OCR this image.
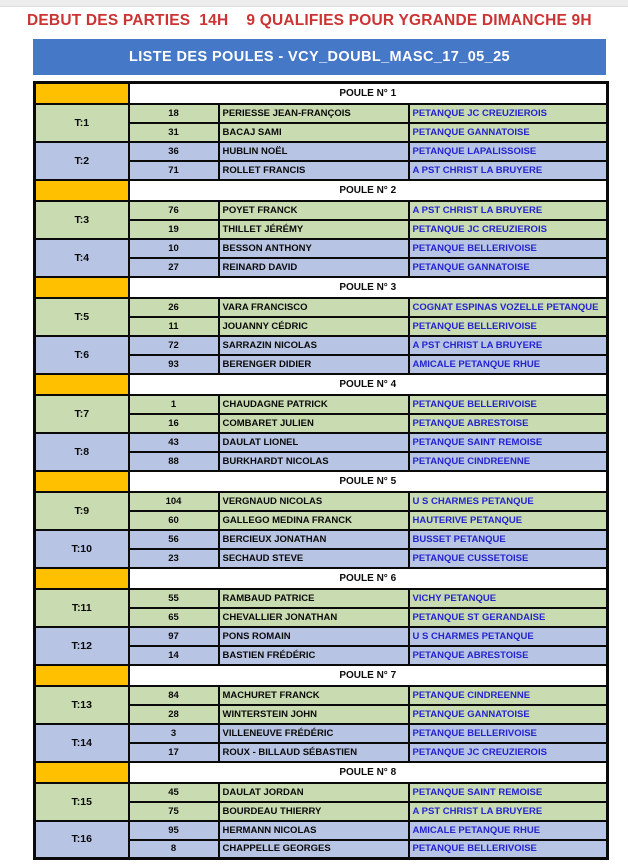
DEBUT DES PARTIES  14H    9 QUALIFIES POUR YGRANDE DIMANCHE 9H
LISTE DES POULES - VCY_DOUBL_MASC_17_05_25
	POULE N° 1		
T:1	18	PERIESSE JEAN-FRANÇOIS	PETANQUE JC CREUZIEROIS
	31	BACAJ SAMI	PETANQUE GANNATOISE
T:2	36	HUBLIN NOËL	PETANQUE LAPALISSOISE
	71	ROLLET FRANCIS	A PST CHRIST LA BRUYERE
	POULE N° 2		
T:3	76	POYET FRANCK	A PST CHRIST LA BRUYERE
	19	THILLET JÉRÉMY	PETANQUE JC CREUZIEROIS
T:4	10	BESSON ANTHONY	PETANQUE BELLERIVOISE
	27	REINARD DAVID	PETANQUE GANNATOISE
	POULE N° 3		
T:5	26	VARA FRANCISCO	COGNAT ESPINAS VOZELLE PETANQUE
	11	JOUANNY CÉDRIC	PETANQUE BELLERIVOISE
T:6	72	SARRAZIN NICOLAS	A PST CHRIST LA BRUYERE
	93	BERENGER DIDIER	AMICALE PETANQUE RHUE
	POULE N° 4		
T:7	1	CHAUDAGNE PATRICK	PETANQUE BELLERIVOISE
	16	COMBARET JULIEN	PETANQUE ABRESTOISE
T:8	43	DAULAT LIONEL	PETANQUE SAINT REMOISE
	88	BURKHARDT NICOLAS	PETANQUE CINDREENNE
	POULE N° 5		
T:9	104	VERGNAUD NICOLAS	U S CHARMES PETANQUE
	60	GALLEGO MEDINA FRANCK	HAUTERIVE PETANQUE
T:10	56	BERCIEUX JONATHAN	BUSSET PETANQUE
	23	SECHAUD STEVE	PETANQUE CUSSETOISE
	POULE N° 6		
T:11	55	RAMBAUD PATRICE	VICHY PETANQUE
	65	CHEVALLIER JONATHAN	PETANQUE ST GERANDAISE
T:12	97	PONS ROMAIN	U S CHARMES PETANQUE
	14	BASTIEN FRÉDÉRIC	PETANQUE ABRESTOISE
	POULE N° 7		
T:13	84	MACHURET FRANCK	PETANQUE CINDREENNE
	28	WINTERSTEIN JOHN	PETANQUE GANNATOISE
T:14	3	VILLENEUVE FRÉDÉRIC	PETANQUE BELLERIVOISE
	17	ROUX - BILLAUD SÉBASTIEN	PETANQUE JC CREUZIEROIS
	POULE N° 8		
T:15	45	DAULAT JORDAN	PETANQUE SAINT REMOISE
	75	BOURDEAU THIERRY	A PST CHRIST LA BRUYERE
T:16	95	HERMANN NICOLAS	AMICALE PETANQUE RHUE
	8	CHAPPELLE GEORGES	PETANQUE BELLERIVOISE
